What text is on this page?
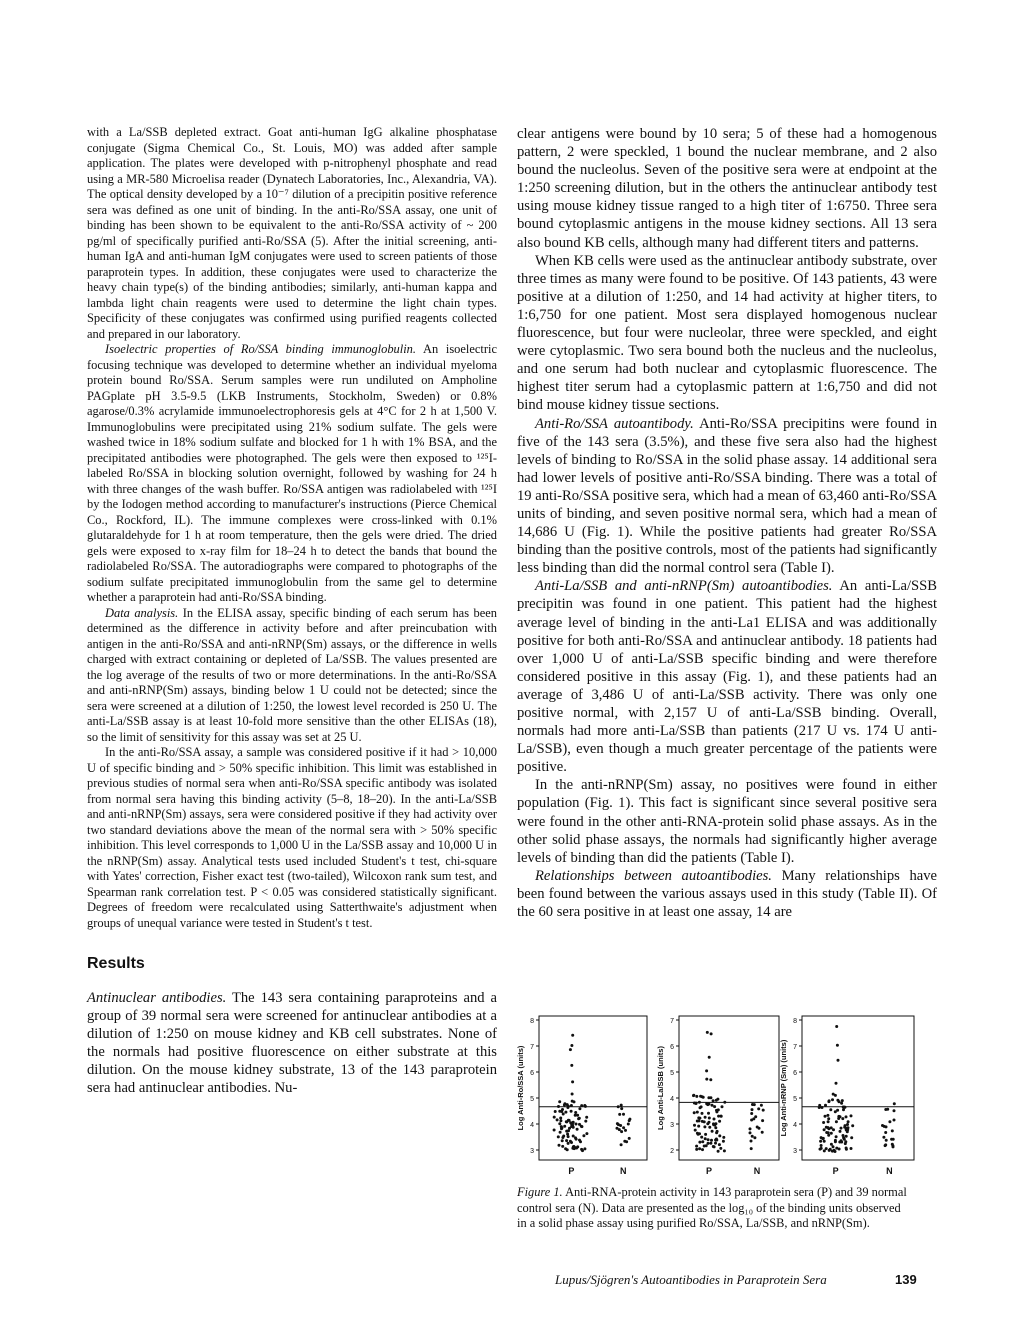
with a La/SSB depleted extract. Goat anti-human IgG alkaline phosphatase conjugate (Sigma Chemical Co., St. Louis, MO) was added after sample application. The plates were developed with p-nitrophenyl phosphate and read using a MR-580 Microelisa reader (Dynatech Laboratories, Inc., Alexandria, VA). The optical density developed by a 10⁻⁷ dilution of a precipitin positive reference sera was defined as one unit of binding. In the anti-Ro/SSA assay, one unit of binding has been shown to be equivalent to the anti-Ro/SSA activity of ~ 200 pg/ml of specifically purified anti-Ro/SSA (5). After the initial screening, anti-human IgA and anti-human IgM conjugates were used to screen patients of those paraprotein types. In addition, these conjugates were used to characterize the heavy chain type(s) of the binding antibodies; similarly, anti-human kappa and lambda light chain reagents were used to determine the light chain types. Specificity of these conjugates was confirmed using purified reagents collected and prepared in our laboratory.

Isoelectric properties of Ro/SSA binding immunoglobulin. An isoelectric focusing technique was developed to determine whether an individual myeloma protein bound Ro/SSA. Serum samples were run undiluted on Ampholine PAGplate pH 3.5-9.5 (LKB Instruments, Stockholm, Sweden) or 0.8% agarose/0.3% acrylamide immunoelectrophoresis gels at 4°C for 2 h at 1,500 V. Immunoglobulins were precipitated using 21% sodium sulfate. The gels were washed twice in 18% sodium sulfate and blocked for 1 h with 1% BSA, and the precipitated antibodies were photographed. The gels were then exposed to ¹²⁵I-labeled Ro/SSA in blocking solution overnight, followed by washing for 24 h with three changes of the wash buffer. Ro/SSA antigen was radiolabeled with ¹²⁵I by the Iodogen method according to manufacturer's instructions (Pierce Chemical Co., Rockford, IL). The immune complexes were cross-linked with 0.1% glutaraldehyde for 1 h at room temperature, then the gels were dried. The dried gels were exposed to x-ray film for 18–24 h to detect the bands that bound the radiolabeled Ro/SSA. The autoradiographs were compared to photographs of the sodium sulfate precipitated immunoglobulin from the same gel to determine whether a paraprotein had anti-Ro/SSA binding.

Data analysis. In the ELISA assay, specific binding of each serum has been determined as the difference in activity before and after preincubation with antigen in the anti-Ro/SSA and anti-nRNP(Sm) assays, or the difference in wells charged with extract containing or depleted of La/SSB. The values presented are the log average of the results of two or more determinations. In the anti-Ro/SSA and anti-nRNP(Sm) assays, binding below 1 U could not be detected; since the sera were screened at a dilution of 1:250, the lowest level recorded is 250 U. The anti-La/SSB assay is at least 10-fold more sensitive than the other ELISAs (18), so the limit of sensitivity for this assay was set at 25 U.

In the anti-Ro/SSA assay, a sample was considered positive if it had > 10,000 U of specific binding and > 50% specific inhibition. This limit was established in previous studies of normal sera when anti-Ro/SSA specific antibody was isolated from normal sera having this binding activity (5–8, 18–20). In the anti-La/SSB and anti-nRNP(Sm) assays, sera were considered positive if they had activity over two standard deviations above the mean of the normal sera with > 50% specific inhibition. This level corresponds to 1,000 U in the La/SSB assay and 10,000 U in the nRNP(Sm) assay. Analytical tests used included Student's t test, chi-square with Yates' correction, Fisher exact test (two-tailed), Wilcoxon rank sum test, and Spearman rank correlation test. P < 0.05 was considered statistically significant. Degrees of freedom were recalculated using Satterthwaite's adjustment when groups of unequal variance were tested in Student's t test.

Results

Antinuclear antibodies. The 143 sera containing paraproteins and a group of 39 normal sera were screened for antinuclear antibodies at a dilution of 1:250 on mouse kidney and KB cell substrates. None of the normals had positive fluorescence on either substrate at this dilution. On the mouse kidney substrate, 13 of the 143 paraprotein sera had antinuclear antibodies. Nu-

clear antigens were bound by 10 sera; 5 of these had a homogenous pattern, 2 were speckled, 1 bound the nuclear membrane, and 2 also bound the nucleolus. Seven of the positive sera were at endpoint at the 1:250 screening dilution, but in the others the antinuclear antibody test using mouse kidney tissue ranged to a high titer of 1:6750. Three sera bound cytoplasmic antigens in the mouse kidney sections. All 13 sera also bound KB cells, although many had different titers and patterns.

When KB cells were used as the antinuclear antibody substrate, over three times as many were found to be positive. Of 143 patients, 43 were positive at a dilution of 1:250, and 14 had activity at higher titers, to 1:6,750 for one patient. Most sera displayed homogenous nuclear fluorescence, but four were nucleolar, three were speckled, and eight were cytoplasmic. Two sera bound both the nucleus and the nucleolus, and one serum had both nuclear and cytoplasmic fluorescence. The highest titer serum had a cytoplasmic pattern at 1:6,750 and did not bind mouse kidney tissue sections.

Anti-Ro/SSA autoantibody. Anti-Ro/SSA precipitins were found in five of the 143 sera (3.5%), and these five sera also had the highest levels of binding to Ro/SSA in the solid phase assay. 14 additional sera had lower levels of positive anti-Ro/SSA binding. There was a total of 19 anti-Ro/SSA positive sera, which had a mean of 63,460 anti-Ro/SSA units of binding, and seven positive normal sera, which had a mean of 14,686 U (Fig. 1). While the positive patients had greater Ro/SSA binding than the positive controls, most of the patients had significantly less binding than did the normal control sera (Table I).

Anti-La/SSB and anti-nRNP(Sm) autoantibodies. An anti-La/SSB precipitin was found in one patient. This patient had the highest average level of binding in the anti-La1 ELISA and was additionally positive for both anti-Ro/SSA and antinuclear antibody. 18 patients had over 1,000 U of anti-La/SSB specific binding and were therefore considered positive in this assay (Fig. 1), and these patients had an average of 3,486 U of anti-La/SSB activity. There was only one positive normal, with 2,157 U of anti-La/SSB binding. Overall, normals had more anti-La/SSB than patients (217 U vs. 174 U anti-La/SSB), even though a much greater percentage of the patients were positive.

In the anti-nRNP(Sm) assay, no positives were found in either population (Fig. 1). This fact is significant since several positive sera were found in the other anti-RNA-protein solid phase assays. As in the other solid phase assays, the normals had significantly higher average levels of binding than did the patients (Table I).

Relationships between autoantibodies. Many relationships have been found between the various assays used in this study (Table II). Of the 60 sera positive in at least one assay, 14 are

8
7
6
5
4
3
Log Anti-Ro/SSA (units)
P	N
7
6
5
4
3
2
Log Anti-La/SSB (units)
P	N
8
7
6
5
4
3
Log Anti-nRNP (Sm) (units)
P	N
Figure 1. Anti-RNA-protein activity in 143 paraprotein sera (P) and 39 normal control sera (N). Data are presented as the log₁₀ of the binding units observed in a solid phase assay using purified Ro/SSA, La/SSB, and nRNP(Sm).
Lupus/Sjögren's Autoantibodies in Paraprotein Sera	139
